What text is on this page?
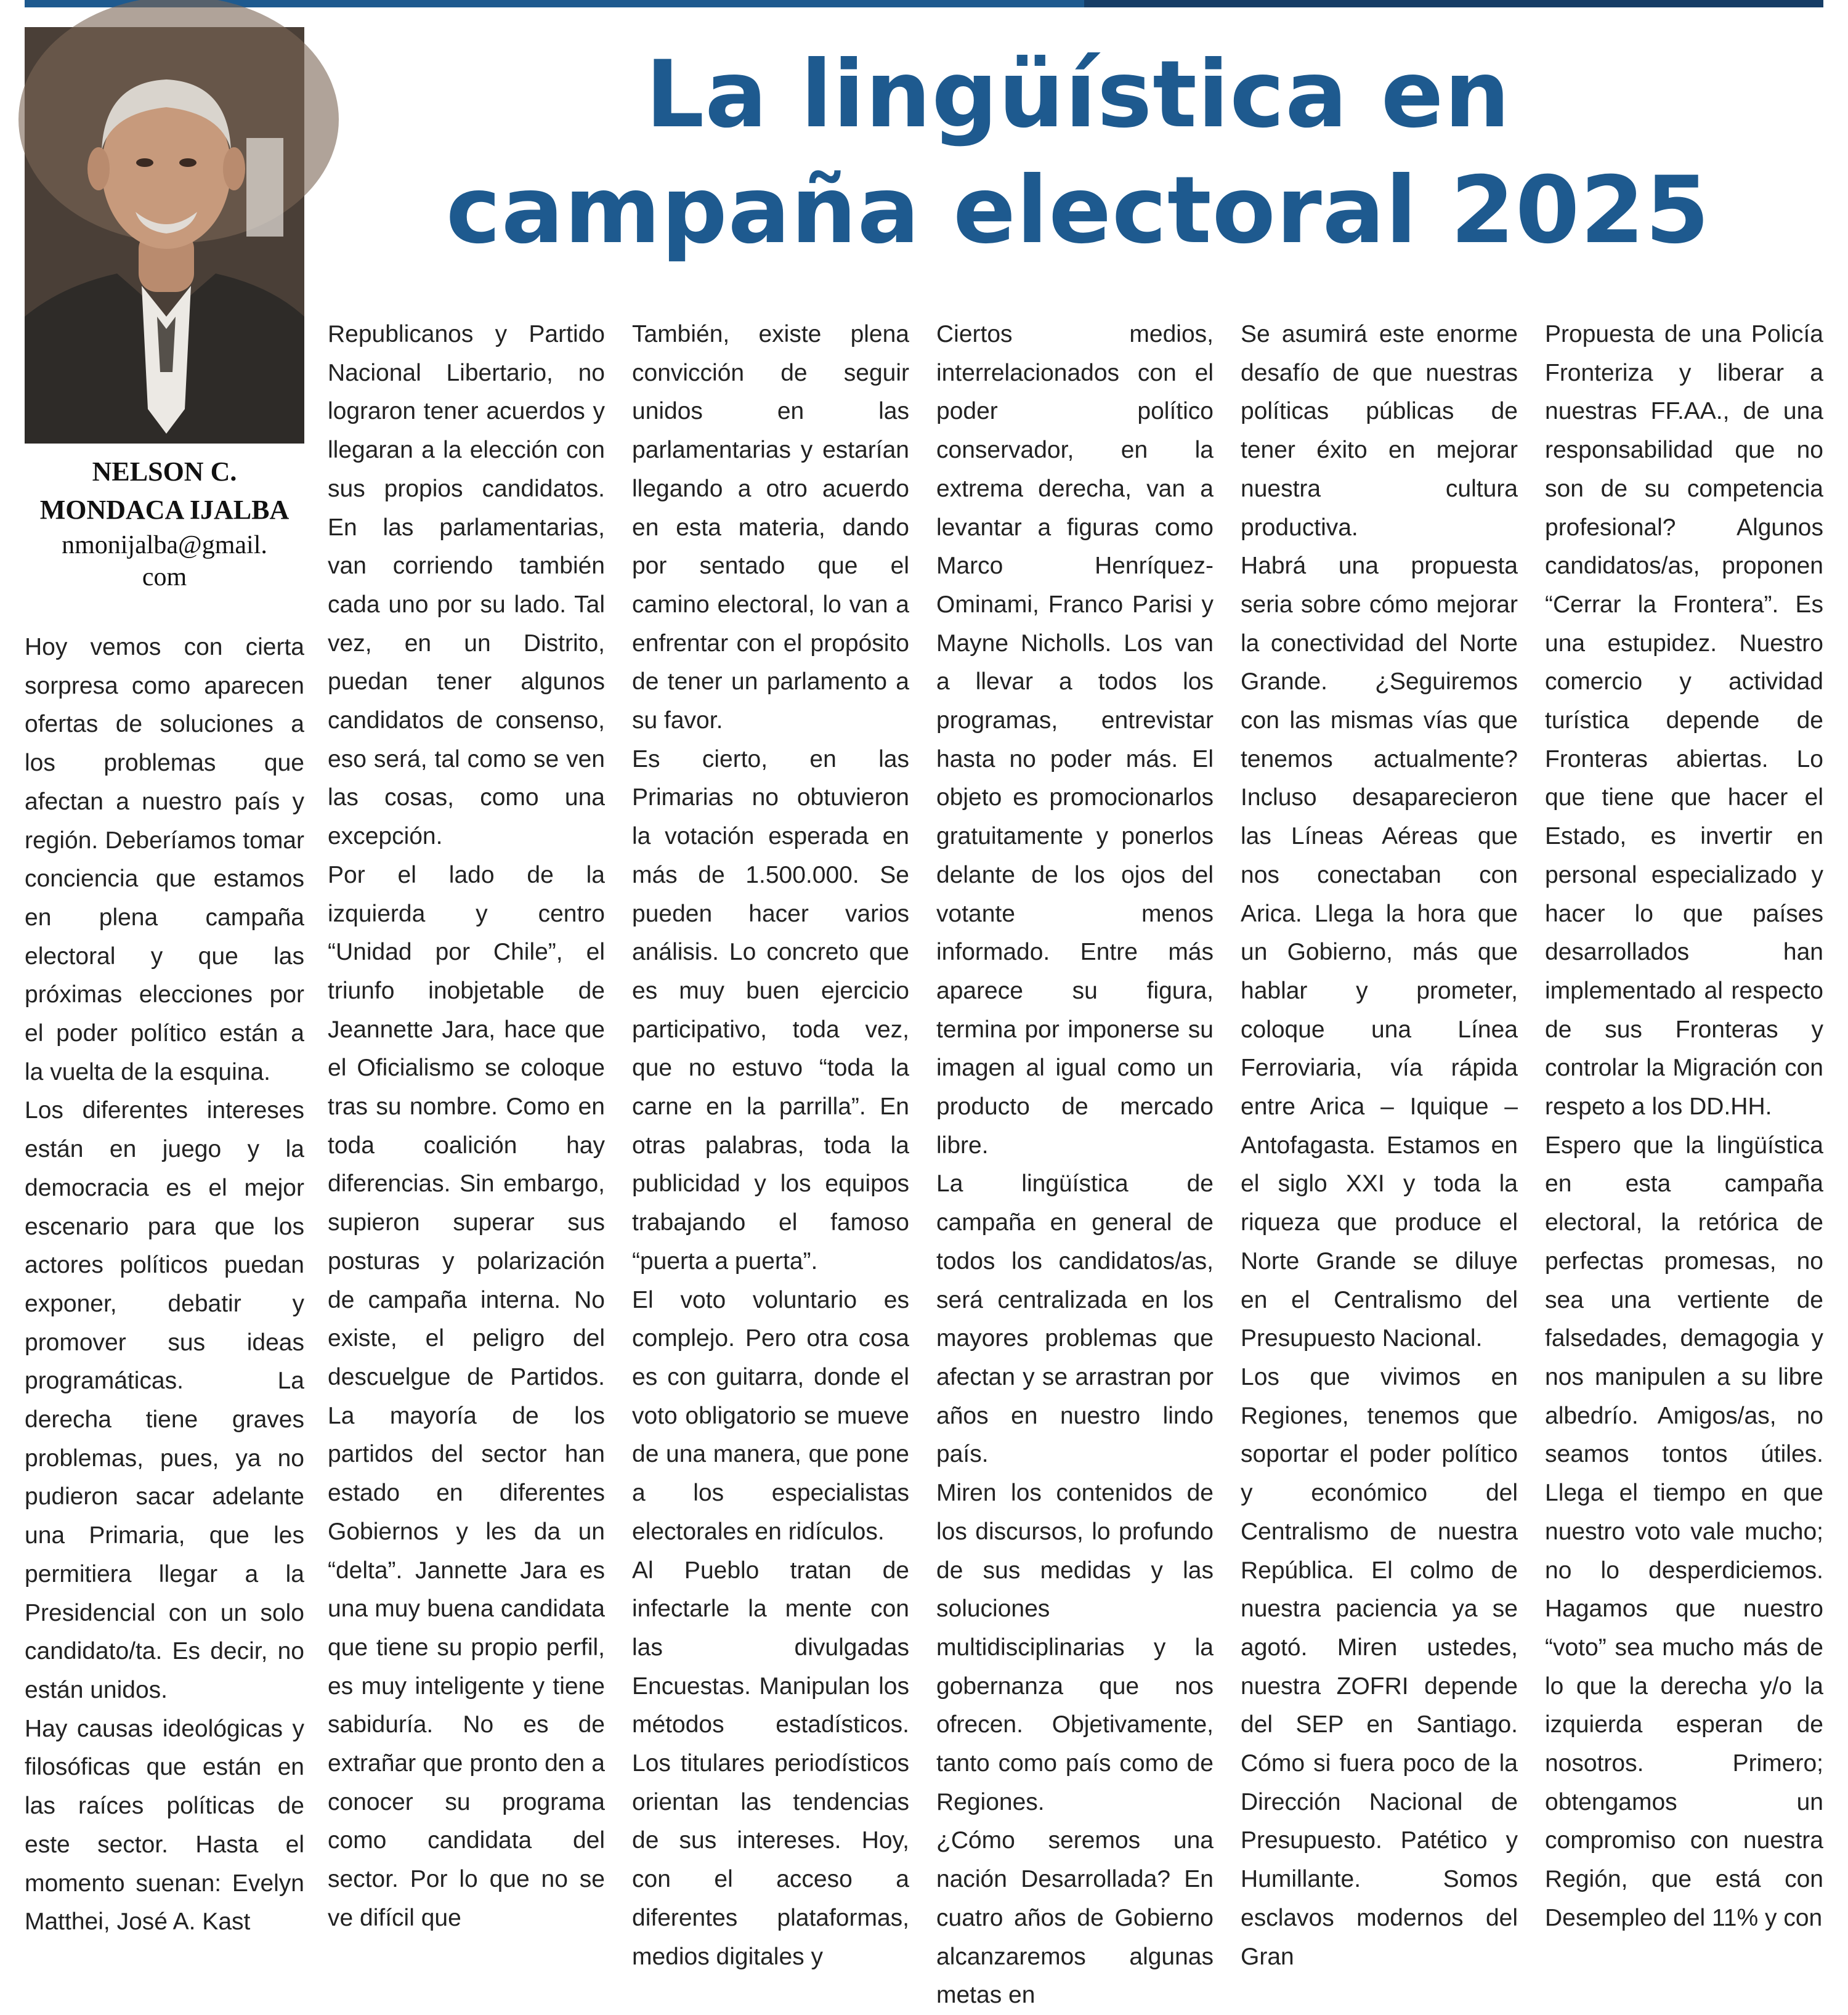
NELSON C.
MONDACA IJALBA
nmonijalba@gmail.
com
La lingüística en
campaña electoral 2025

Hoy vemos con cierta sorpresa como aparecen ofertas de soluciones a los problemas que afectan a nuestro país y región. Deberíamos tomar conciencia que estamos en plena campaña electoral y que las próximas elecciones por el poder político están a la vuelta de la esquina.

Los diferentes intereses están en juego y la democracia es el mejor escenario para que los actores políticos puedan exponer, debatir y promover sus ideas programáticas. La derecha tiene graves problemas, pues, ya no pudieron sacar adelante una Primaria, que les permitiera llegar a la Presidencial con un solo candidato/ta. Es decir, no están unidos.

Hay causas ideológicas y filosóficas que están en las raíces políticas de este sector. Hasta el momento suenan: Evelyn Matthei, José A. Kast

Republicanos y Partido Nacional Libertario, no lograron tener acuerdos y llegaran a la elección con sus propios candidatos. En las parlamentarias, van corriendo también cada uno por su lado. Tal vez, en un Distrito, puedan tener algunos candidatos de consenso, eso será, tal como se ven las cosas, como una excepción.

Por el lado de la izquierda y centro “Unidad por Chile”, el triunfo inobjetable de Jeannette Jara, hace que el Oficialismo se coloque tras su nombre. Como en toda coalición hay diferencias. Sin embargo, supieron superar sus posturas y polarización de campaña interna. No existe, el peligro del descuelgue de Partidos. La mayoría de los partidos del sector han estado en diferentes Gobiernos y les da un “delta”. Jannette Jara es una muy buena candidata que tiene su propio perfil, es muy inteligente y tiene sabiduría. No es de extrañar que pronto den a conocer su programa como candidata del sector. Por lo que no se ve difícil que

También, existe plena convicción de seguir unidos en las parlamentarias y estarían llegando a otro acuerdo en esta materia, dando por sentado que el camino electoral, lo van a enfrentar con el propósito de tener un parlamento a su favor.

Es cierto, en las Primarias no obtuvieron la votación esperada en más de 1.500.000. Se pueden hacer varios análisis. Lo concreto que es muy buen ejercicio participativo, toda vez, que no estuvo “toda la carne en la parrilla”. En otras palabras, toda la publicidad y los equipos trabajando el famoso “puerta a puerta”.

El voto voluntario es complejo. Pero otra cosa es con guitarra, donde el voto obligatorio se mueve de una manera, que pone a los especialistas electorales en ridículos.

Al Pueblo tratan de infectarle la mente con las divulgadas Encuestas. Manipulan los métodos estadísticos. Los titulares periodísticos orientan las tendencias de sus intereses. Hoy, con el acceso a diferentes plataformas, medios digitales y

Ciertos medios, interrelacionados con el poder político conservador, en la extrema derecha, van a levantar a figuras como Marco Henríquez-Ominami, Franco Parisi y Mayne Nicholls. Los van a llevar a todos los programas, entrevistar hasta no poder más. El objeto es promocionarlos gratuitamente y ponerlos delante de los ojos del votante menos informado. Entre más aparece su figura, termina por imponerse su imagen al igual como un producto de mercado libre.

La lingüística de campaña en general de todos los candidatos/as, será centralizada en los mayores problemas que afectan y se arrastran por años en nuestro lindo país.

Miren los contenidos de los discursos, lo profundo de sus medidas y las soluciones multidisciplinarias y la gobernanza que nos ofrecen. Objetivamente, tanto como país como de Regiones.

¿Cómo seremos una nación Desarrollada? En cuatro años de Gobierno alcanzaremos algunas metas en

Se asumirá este enorme desafío de que nuestras políticas públicas de tener éxito en mejorar nuestra cultura productiva.

Habrá una propuesta seria sobre cómo mejorar la conectividad del Norte Grande. ¿Seguiremos con las mismas vías que tenemos actualmente? Incluso desaparecieron las Líneas Aéreas que nos conectaban con Arica. Llega la hora que un Gobierno, más que hablar y prometer, coloque una Línea Ferroviaria, vía rápida entre Arica – Iquique – Antofagasta. Estamos en el siglo XXI y toda la riqueza que produce el Norte Grande se diluye en el Centralismo del Presupuesto Nacional.

Los que vivimos en Regiones, tenemos que soportar el poder político y económico del Centralismo de nuestra República. El colmo de nuestra paciencia ya se agotó. Miren ustedes, nuestra ZOFRI depende del SEP en Santiago. Cómo si fuera poco de la Dirección Nacional de Presupuesto. Patético y Humillante. Somos esclavos modernos del Gran

Propuesta de una Policía Fronteriza y liberar a nuestras FF.AA., de una responsabilidad que no son de su competencia profesional? Algunos candidatos/as, proponen “Cerrar la Frontera”. Es una estupidez. Nuestro comercio y actividad turística depende de Fronteras abiertas. Lo que tiene que hacer el Estado, es invertir en personal especializado y hacer lo que países desarrollados han implementado al respecto de sus Fronteras y controlar la Migración con respeto a los DD.HH.

Espero que la lingüística en esta campaña electoral, la retórica de perfectas promesas, no sea una vertiente de falsedades, demagogia y nos manipulen a su libre albedrío. Amigos/as, no seamos tontos útiles. Llega el tiempo en que nuestro voto vale mucho; no lo desperdiciemos. Hagamos que nuestro “voto” sea mucho más de lo que la derecha y/o la izquierda esperan de nosotros. Primero; obtengamos un compromiso con nuestra Región, que está con Desempleo del 11% y con
